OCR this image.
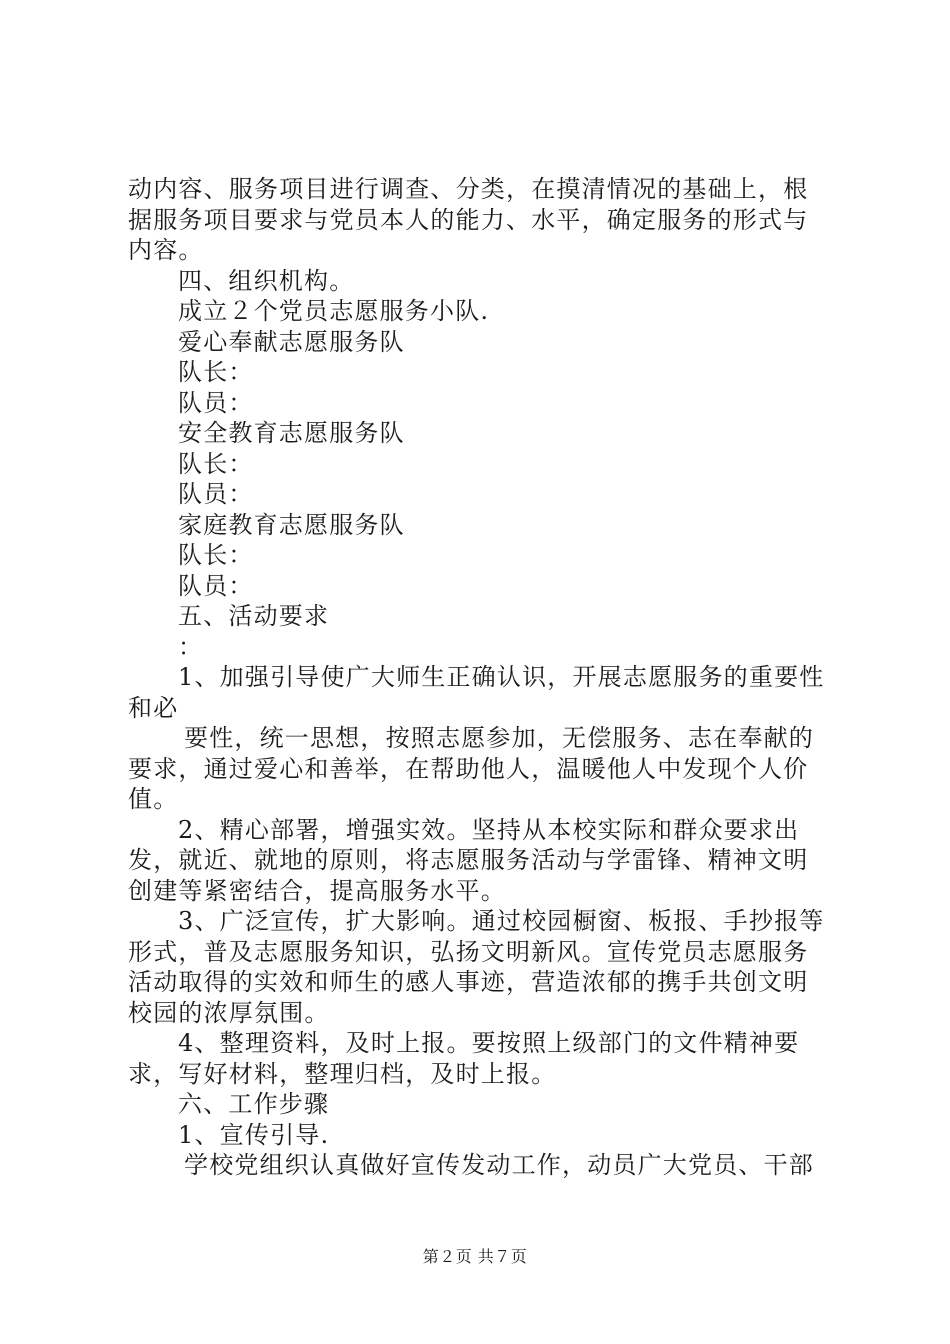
动内容、服务项目进行调查、分类，在摸清情况的基础上，根据服务项目要求与党员本人的能力、水平，确定服务的形式与内容。

四、组织机构。

成立２个党员志愿服务小队.

爱心奉献志愿服务队

队长：

队员：

安全教育志愿服务队

队长：

队员：

家庭教育志愿服务队

队长：

队员：

五、活动要求

：

1、加强引导使广大师生正确认识，开展志愿服务的重要性和必

要性，统一思想，按照志愿参加，无偿服务、志在奉献的要求，通过爱心和善举，在帮助他人，温暖他人中发现个人价值。

2、精心部署，增强实效。坚持从本校实际和群众要求出发，就近、就地的原则，将志愿服务活动与学雷锋、精神文明创建等紧密结合，提高服务水平。

3、广泛宣传，扩大影响。通过校园橱窗、板报、手抄报等形式，普及志愿服务知识，弘扬文明新风。宣传党员志愿服务活动取得的实效和师生的感人事迹，营造浓郁的携手共创文明校园的浓厚氛围。

4、整理资料，及时上报。要按照上级部门的文件精神要求，写好材料，整理归档，及时上报。

六、工作步骤

1、宣传引导.

学校党组织认真做好宣传发动工作，动员广大党员、干部

第２页 共７页
